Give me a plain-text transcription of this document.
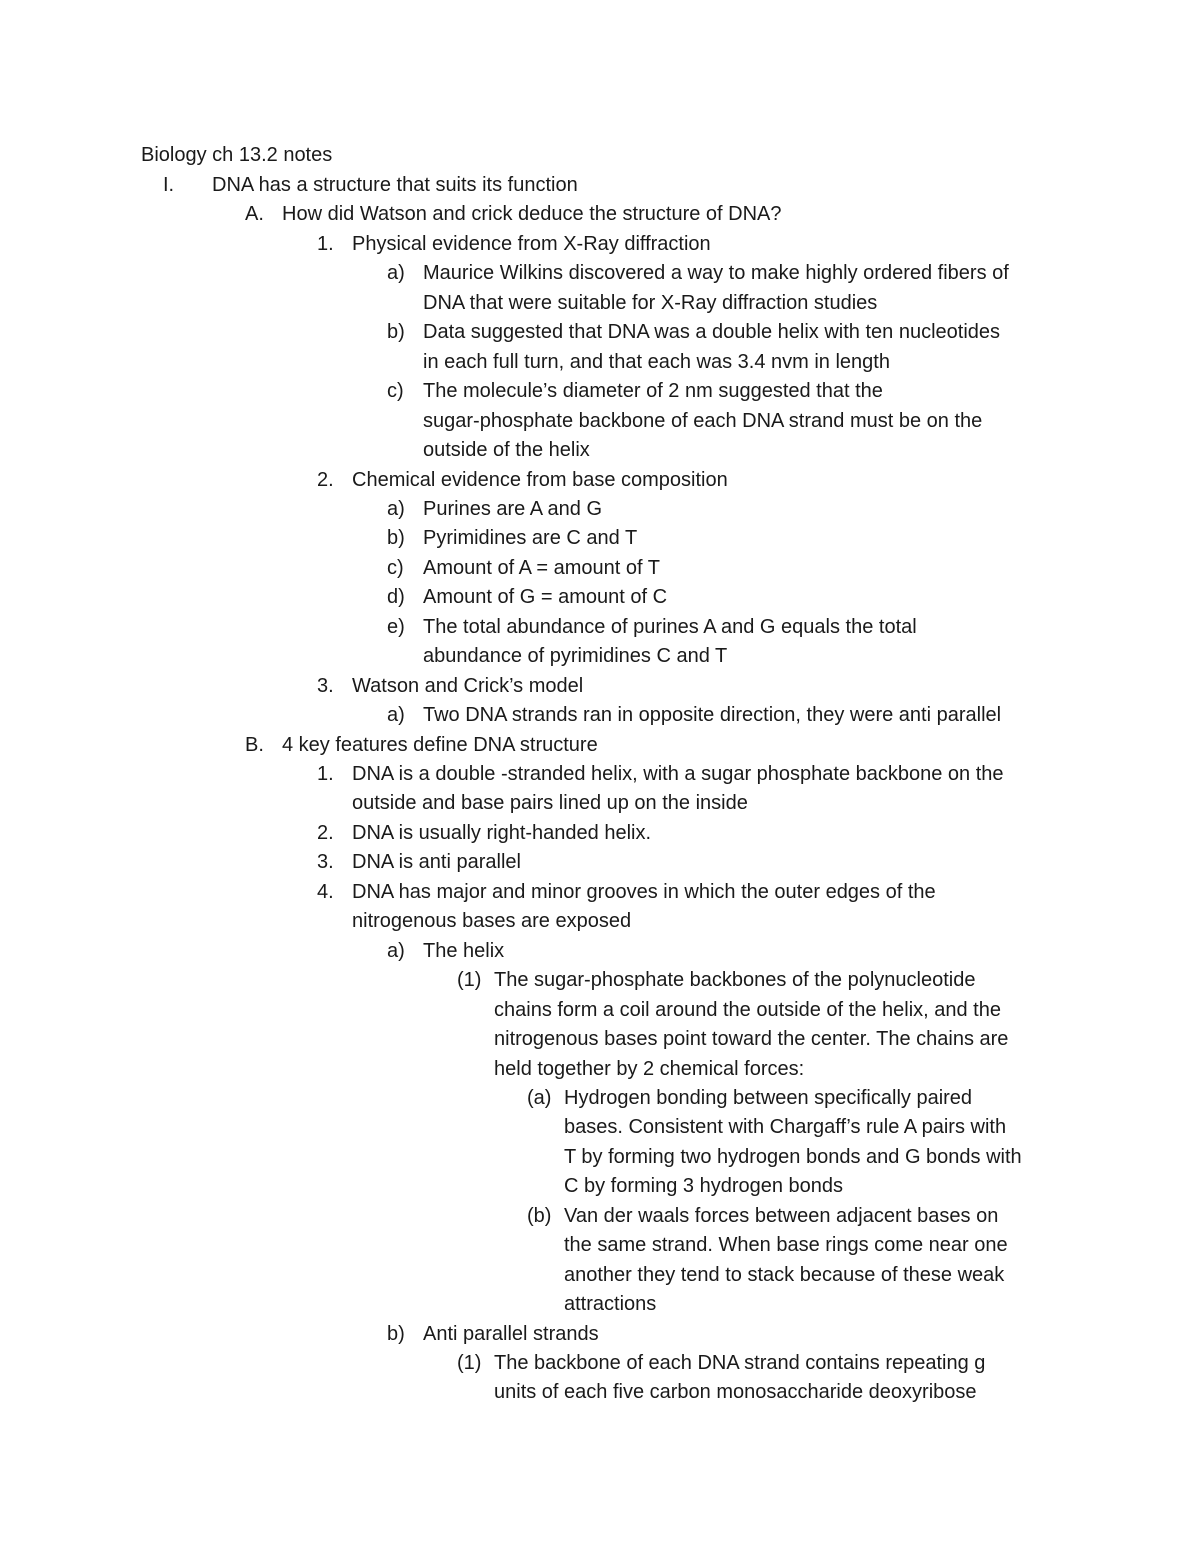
Biology ch 13.2 notes
I. DNA has a structure that suits its function
A. How did Watson and crick deduce the structure of DNA?
1. Physical evidence from X-Ray diffraction
a) Maurice Wilkins discovered a way to make highly ordered fibers of
DNA that were suitable for X-Ray diffraction studies
b) Data suggested that DNA was a double helix with ten nucleotides
in each full turn, and that each was 3.4 nvm in length
c) The molecule’s diameter of 2 nm suggested that the
sugar-phosphate backbone of each DNA strand must be on the
outside of the helix
2. Chemical evidence from base composition
a) Purines are A and G
b) Pyrimidines are C and T
c) Amount of A = amount of T
d) Amount of G = amount of C
e) The total abundance of purines A and G equals the total
abundance of pyrimidines C and T
3. Watson and Crick’s model
a) Two DNA strands ran in opposite direction, they were anti parallel
B. 4 key features define DNA structure
1. DNA is a double -stranded helix, with a sugar phosphate backbone on the
outside and base pairs lined up on the inside
2. DNA is usually right-handed helix.
3. DNA is anti parallel
4. DNA has major and minor grooves in which the outer edges of the
nitrogenous bases are exposed
a) The helix
(1) The sugar-phosphate backbones of the polynucleotide
chains form a coil around the outside of the helix, and the
nitrogenous bases point toward the center. The chains are
held together by 2 chemical forces:
(a) Hydrogen bonding between specifically paired
bases. Consistent with Chargaff’s rule A pairs with
T by forming two hydrogen bonds and G bonds with
C by forming 3 hydrogen bonds
(b) Van der waals forces between adjacent bases on
the same strand. When base rings come near one
another they tend to stack because of these weak
attractions
b) Anti parallel strands
(1) The backbone of each DNA strand contains repeating g
units of each five carbon monosaccharide deoxyribose
